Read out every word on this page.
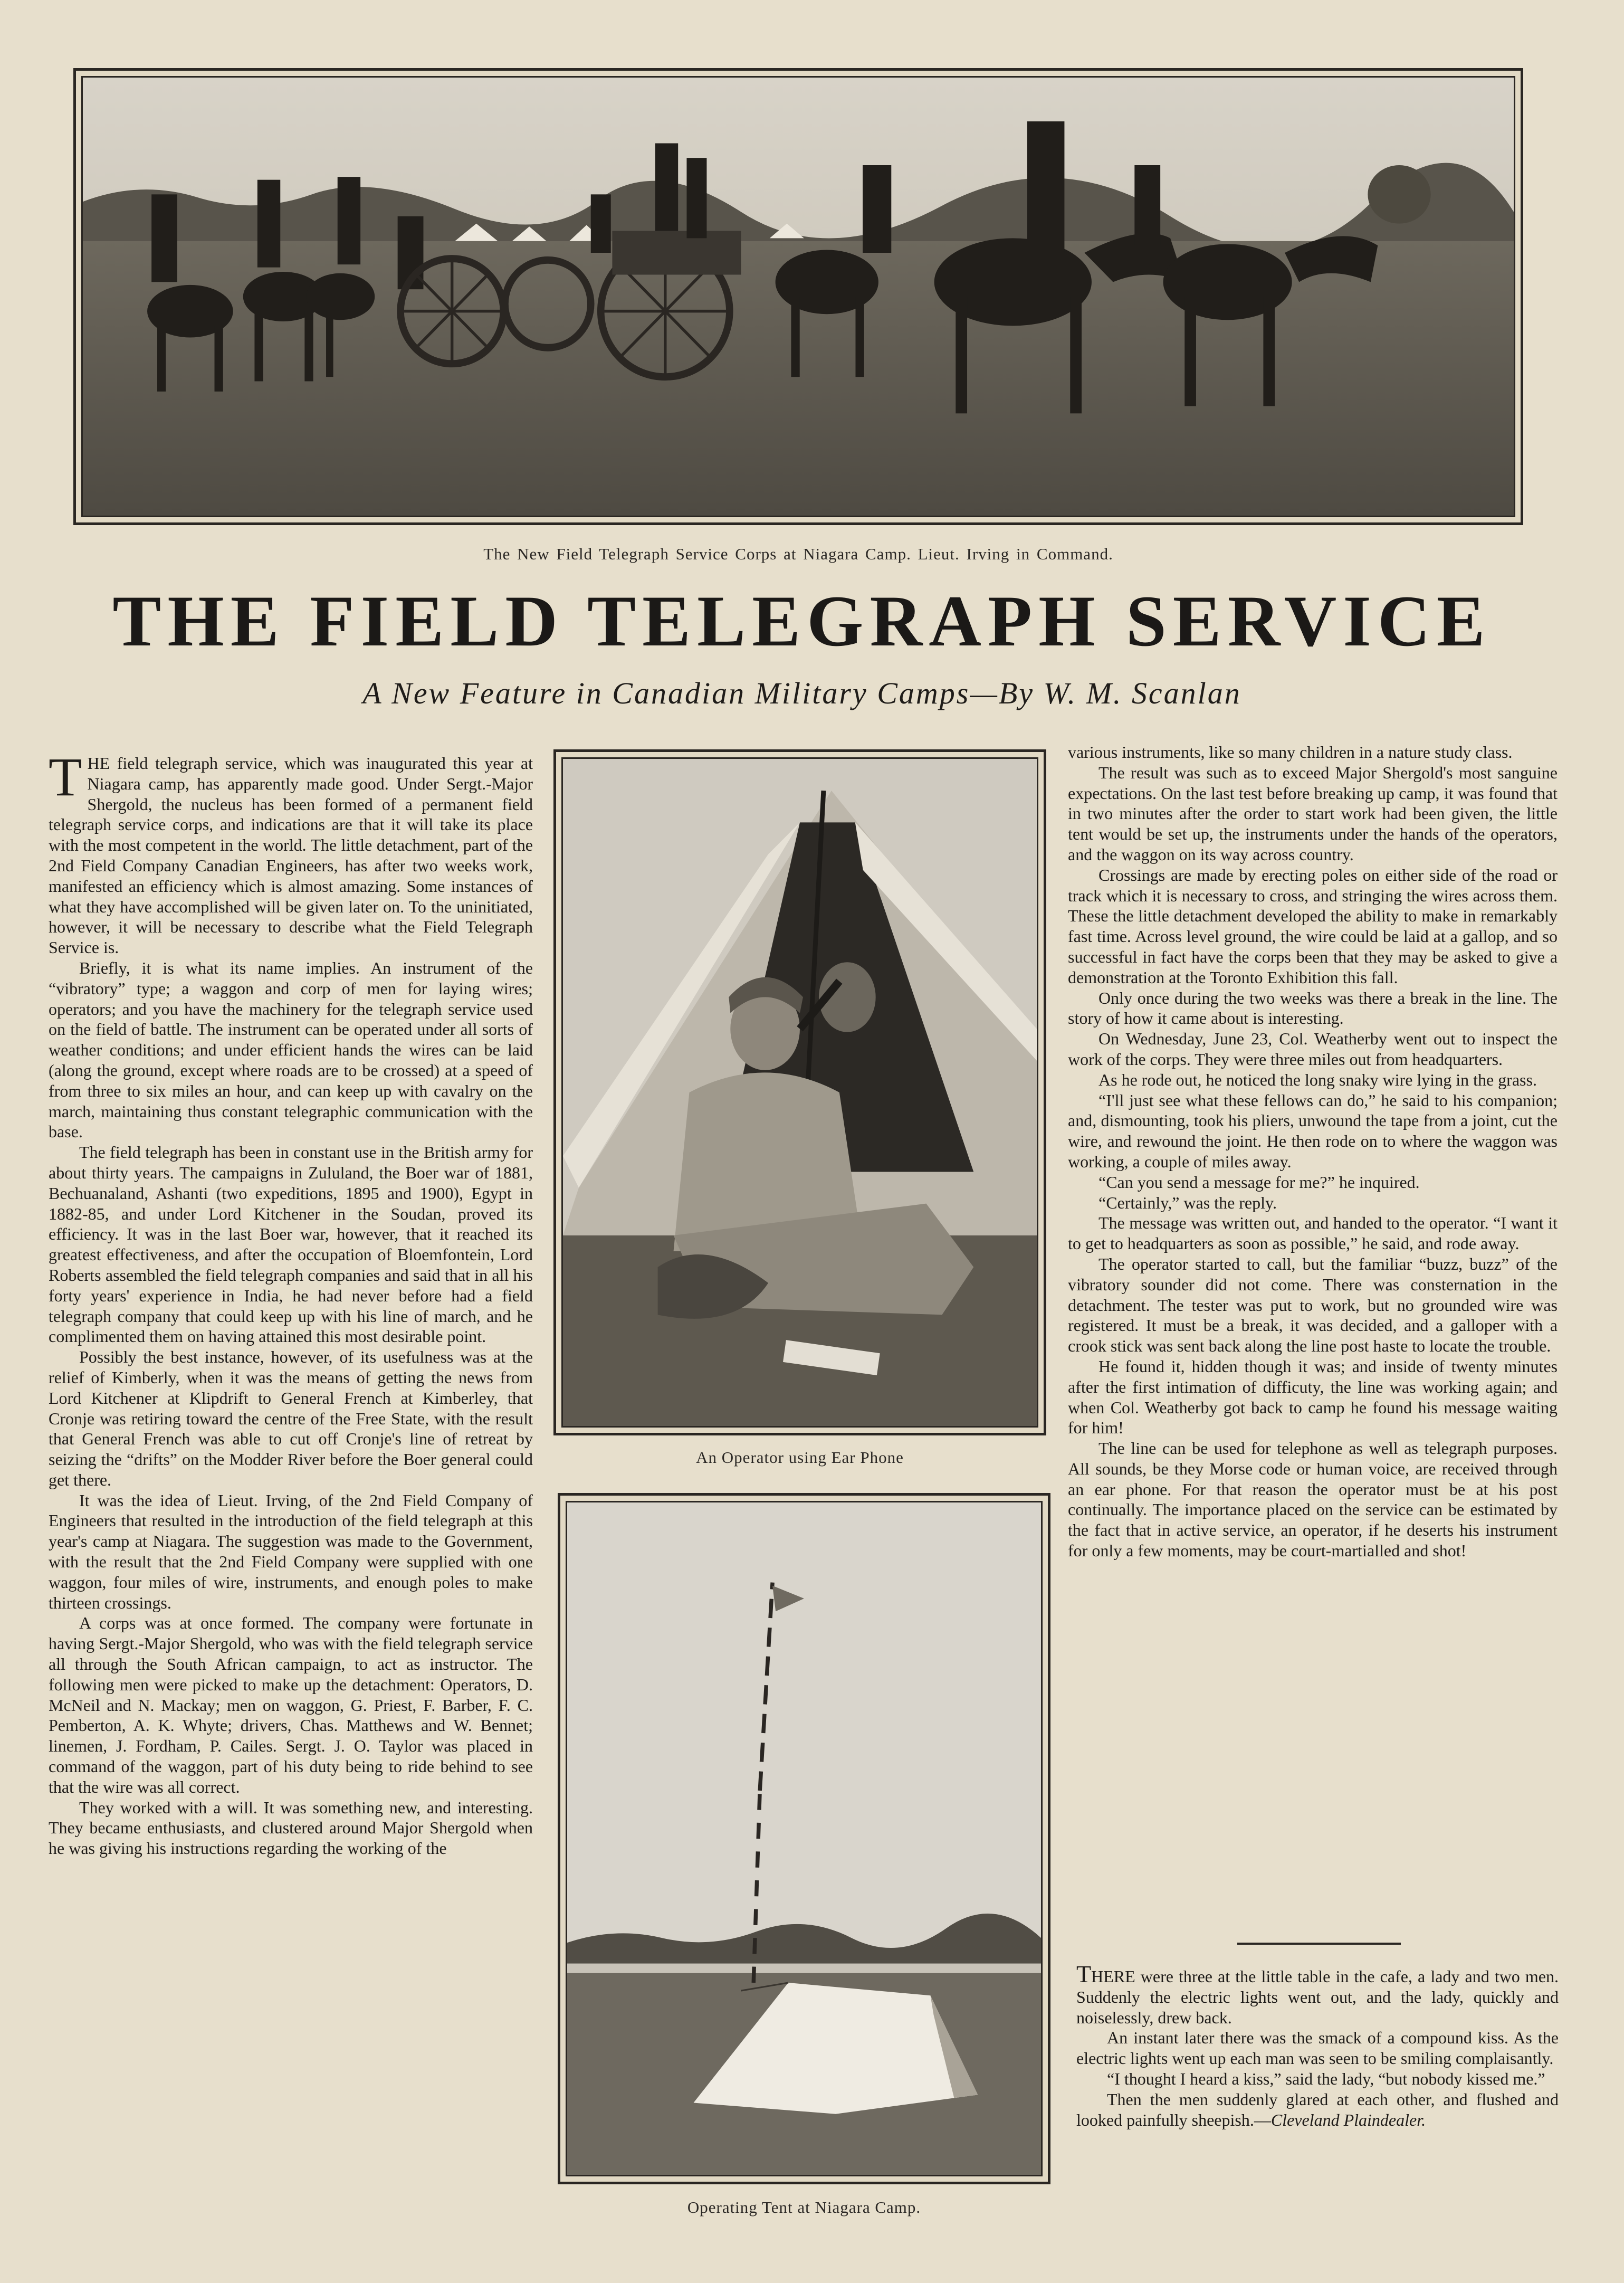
The New Field Telegraph Service Corps at Niagara Camp. Lieut. Irving in Command.
THE FIELD TELEGRAPH SERVICE
A New Feature in Canadian Military Camps—By W. M. Scanlan

THE field telegraph service, which was inaugurated this year at Niagara camp, has apparently made good. Under Sergt.-Major Shergold, the nucleus has been formed of a permanent field telegraph service corps, and indications are that it will take its place with the most competent in the world. The little detachment, part of the 2nd Field Company Canadian Engineers, has after two weeks work, manifested an efficiency which is almost amazing. Some instances of what they have accomplished will be given later on. To the uninitiated, however, it will be necessary to describe what the Field Telegraph Service is.

Briefly, it is what its name implies. An instrument of the “vibratory” type; a waggon and corp of men for laying wires; operators; and you have the machinery for the telegraph service used on the field of battle. The instrument can be operated under all sorts of weather conditions; and under efficient hands the wires can be laid (along the ground, except where roads are to be crossed) at a speed of from three to six miles an hour, and can keep up with cavalry on the march, maintaining thus constant telegraphic communication with the base.

The field telegraph has been in constant use in the British army for about thirty years. The campaigns in Zululand, the Boer war of 1881, Bechuanaland, Ashanti (two expeditions, 1895 and 1900), Egypt in 1882-85, and under Lord Kitchener in the Soudan, proved its efficiency. It was in the last Boer war, however, that it reached its greatest effectiveness, and after the occupation of Bloemfontein, Lord Roberts assembled the field telegraph companies and said that in all his forty years' experience in India, he had never before had a field telegraph company that could keep up with his line of march, and he complimented them on having attained this most desirable point.

Possibly the best instance, however, of its usefulness was at the relief of Kimberly, when it was the means of getting the news from Lord Kitchener at Klipdrift to General French at Kimberley, that Cronje was retiring toward the centre of the Free State, with the result that General French was able to cut off Cronje's line of retreat by seizing the “drifts” on the Modder River before the Boer general could get there.

It was the idea of Lieut. Irving, of the 2nd Field Company of Engineers that resulted in the introduction of the field telegraph at this year's camp at Niagara. The suggestion was made to the Government, with the result that the 2nd Field Company were supplied with one waggon, four miles of wire, instruments, and enough poles to make thirteen crossings.

A corps was at once formed. The company were fortunate in having Sergt.-Major Shergold, who was with the field telegraph service all through the South African campaign, to act as instructor. The following men were picked to make up the detachment: Operators, D. McNeil and N. Mackay; men on waggon, G. Priest, F. Barber, F. C. Pemberton, A. K. Whyte; drivers, Chas. Matthews and W. Bennet; linemen, J. Fordham, P. Cailes. Sergt. J. O. Taylor was placed in command of the waggon, part of his duty being to ride behind to see that the wire was all correct.

They worked with a will. It was something new, and interesting. They became enthusiasts, and clustered around Major Shergold when he was giving his instructions regarding the working of the

An Operator using Ear Phone
Operating Tent at Niagara Camp.

various instruments, like so many children in a nature study class.

The result was such as to exceed Major Shergold's most sanguine expectations. On the last test before breaking up camp, it was found that in two minutes after the order to start work had been given, the little tent would be set up, the instruments under the hands of the operators, and the waggon on its way across country.

Crossings are made by erecting poles on either side of the road or track which it is necessary to cross, and stringing the wires across them. These the little detachment developed the ability to make in remarkably fast time. Across level ground, the wire could be laid at a gallop, and so successful in fact have the corps been that they may be asked to give a demonstration at the Toronto Exhibition this fall.

Only once during the two weeks was there a break in the line. The story of how it came about is interesting.

On Wednesday, June 23, Col. Weatherby went out to inspect the work of the corps. They were three miles out from headquarters.

As he rode out, he noticed the long snaky wire lying in the grass.

“I'll just see what these fellows can do,” he said to his companion; and, dismounting, took his pliers, unwound the tape from a joint, cut the wire, and rewound the joint. He then rode on to where the waggon was working, a couple of miles away.

“Can you send a message for me?” he inquired.

“Certainly,” was the reply.

The message was written out, and handed to the operator. “I want it to get to headquarters as soon as possible,” he said, and rode away.

The operator started to call, but the familiar “buzz, buzz” of the vibratory sounder did not come. There was consternation in the detachment. The tester was put to work, but no grounded wire was registered. It must be a break, it was decided, and a galloper with a crook stick was sent back along the line post haste to locate the trouble.

He found it, hidden though it was; and inside of twenty minutes after the first intimation of difficuty, the line was working again; and when Col. Weatherby got back to camp he found his message waiting for him!

The line can be used for telephone as well as telegraph purposes. All sounds, be they Morse code or human voice, are received through an ear phone. For that reason the operator must be at his post continually. The importance placed on the service can be estimated by the fact that in active service, an operator, if he deserts his instrument for only a few moments, may be court-martialled and shot!

THERE were three at the little table in the cafe, a lady and two men. Suddenly the electric lights went out, and the lady, quickly and noiselessly, drew back.

An instant later there was the smack of a compound kiss. As the electric lights went up each man was seen to be smiling complaisantly.

“I thought I heard a kiss,” said the lady, “but nobody kissed me.”

Then the men suddenly glared at each other, and flushed and looked painfully sheepish.—Cleveland Plaindealer.
